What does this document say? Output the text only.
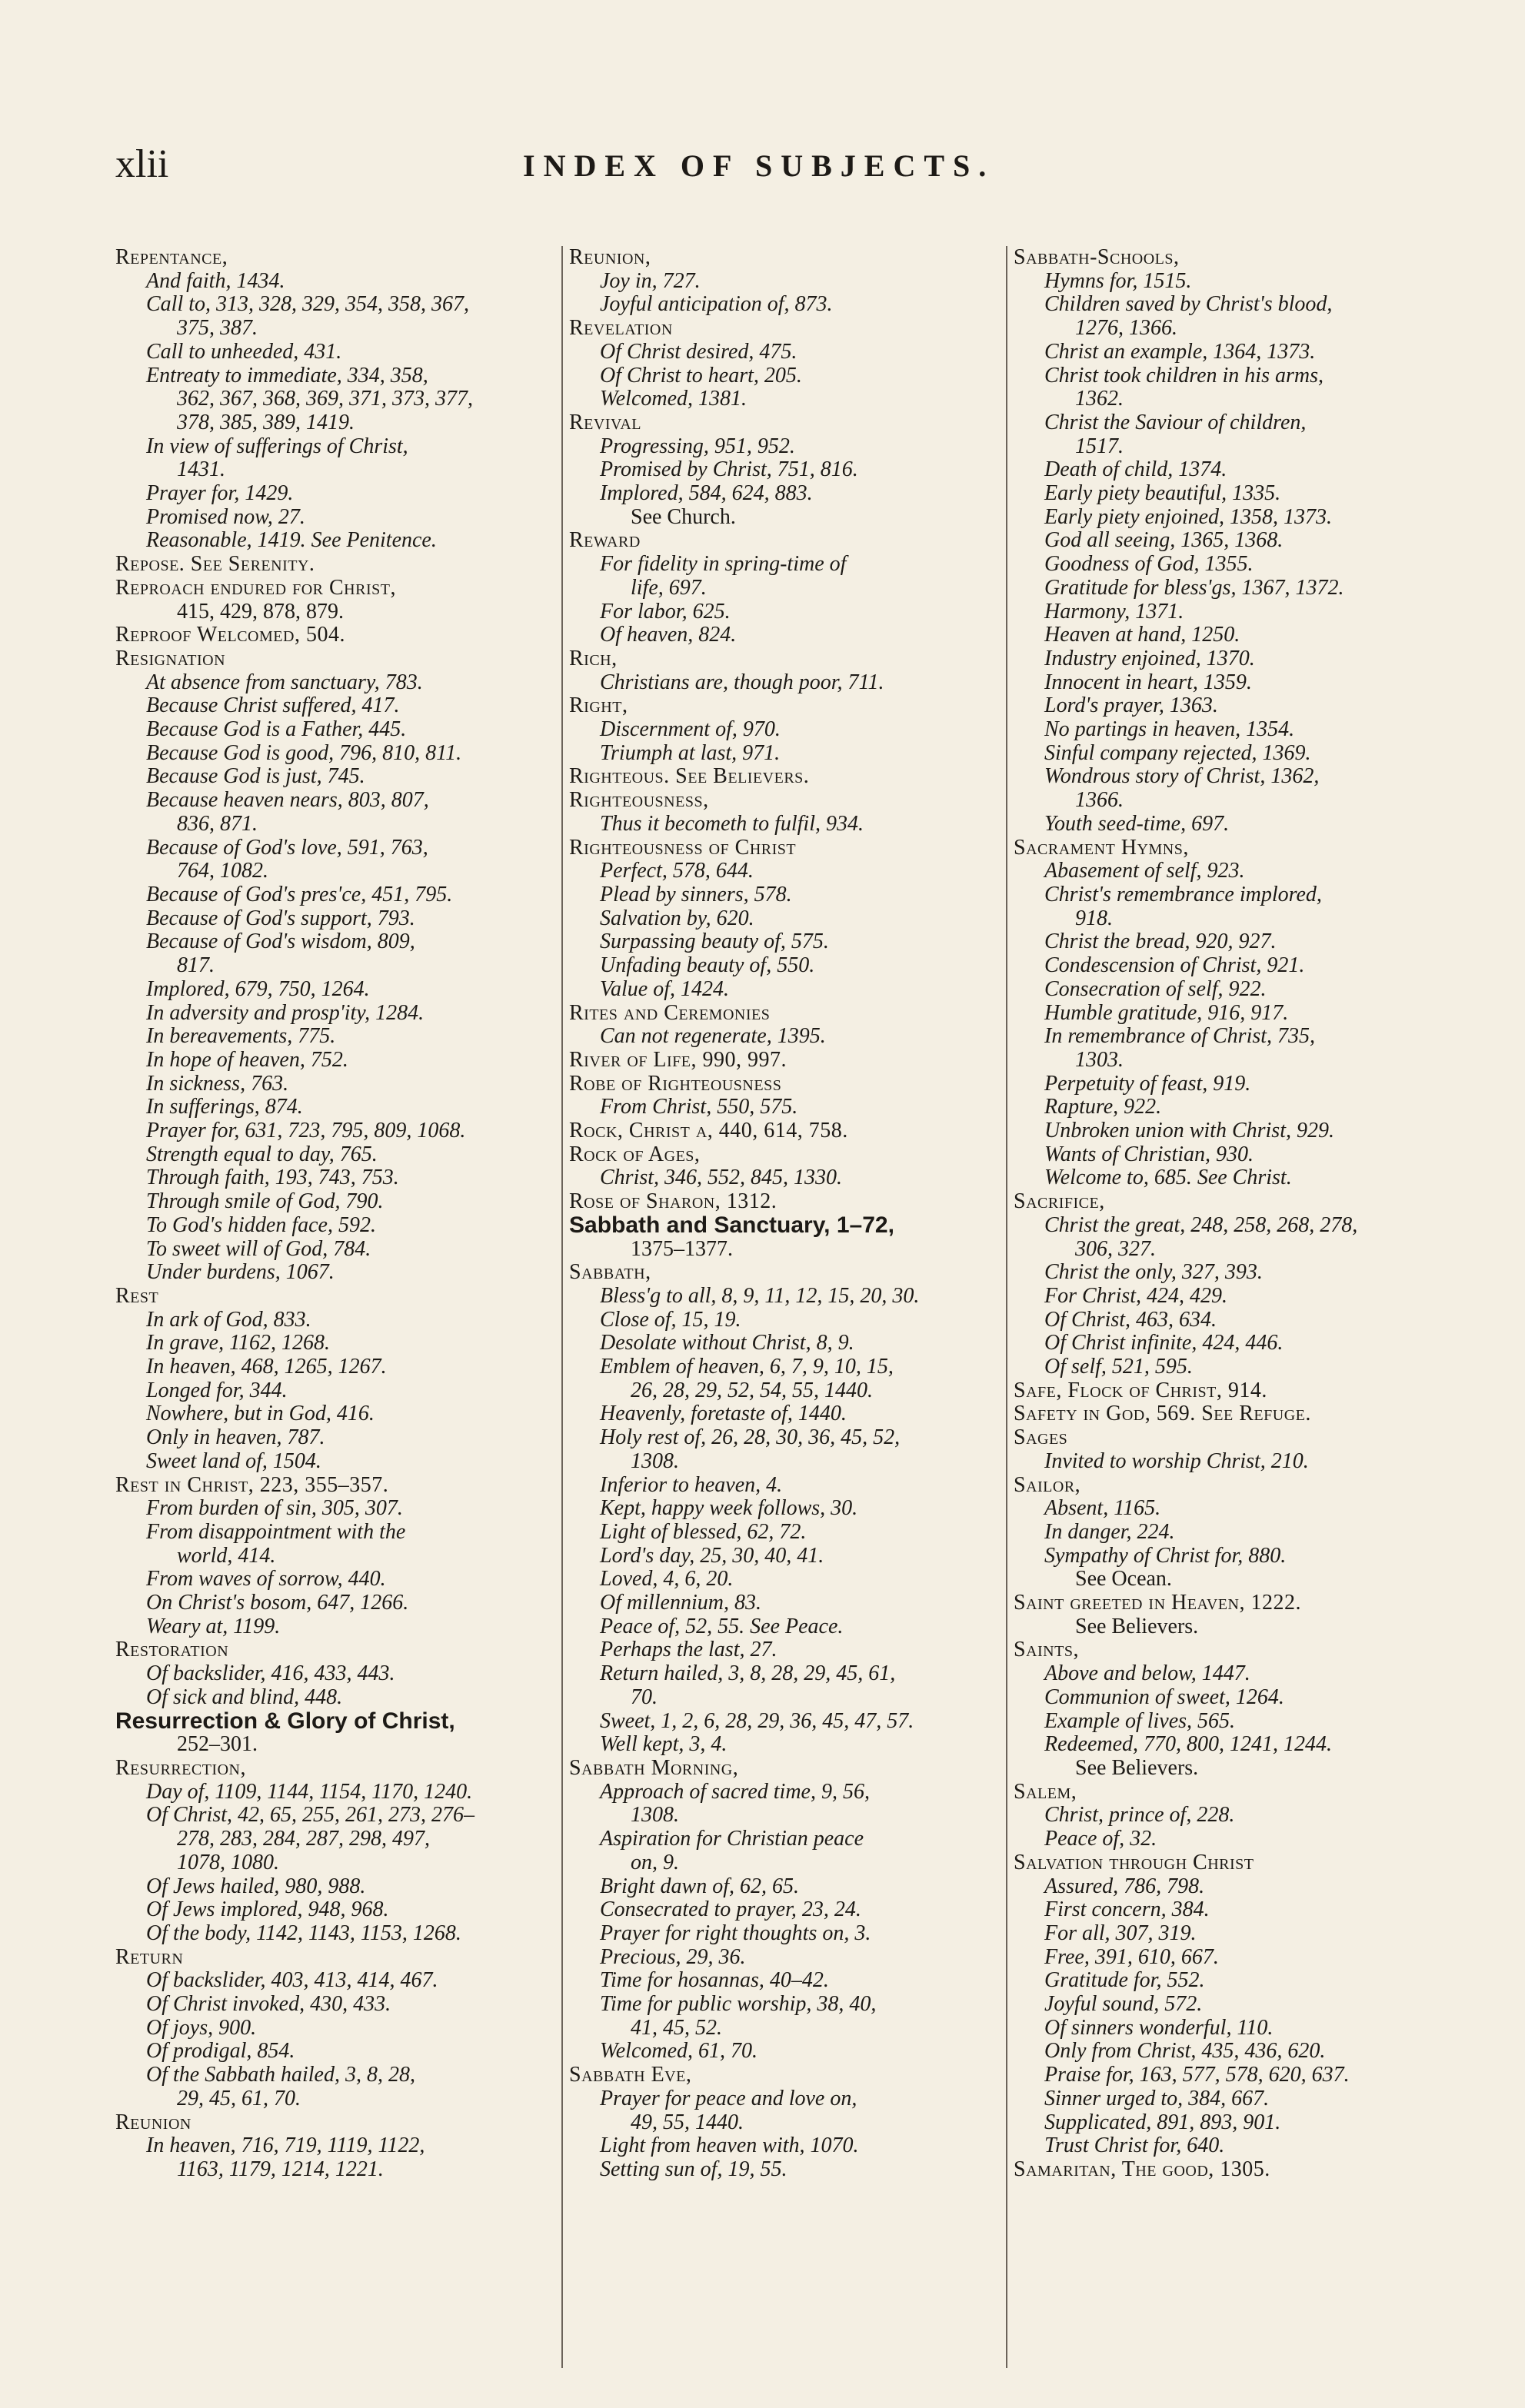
xlii	INDEX OF SUBJECTS.

Repentance,

And faith, 1434.

Call to, 313, 328, 329, 354, 358, 367,

375, 387.

Call to unheeded, 431.

Entreaty to immediate, 334, 358,

362, 367, 368, 369, 371, 373, 377,

378, 385, 389, 1419.

In view of sufferings of Christ,

1431.

Prayer for, 1429.

Promised now, 27.

Reasonable, 1419. See Penitence.

Repose. See Serenity.

Reproach endured for Christ,

415, 429, 878, 879.

Reproof Welcomed, 504.

Resignation

At absence from sanctuary, 783.

Because Christ suffered, 417.

Because God is a Father, 445.

Because God is good, 796, 810, 811.

Because God is just, 745.

Because heaven nears, 803, 807,

836, 871.

Because of God's love, 591, 763,

764, 1082.

Because of God's pres'ce, 451, 795.

Because of God's support, 793.

Because of God's wisdom, 809,

817.

Implored, 679, 750, 1264.

In adversity and prosp'ity, 1284.

In bereavements, 775.

In hope of heaven, 752.

In sickness, 763.

In sufferings, 874.

Prayer for, 631, 723, 795, 809, 1068.

Strength equal to day, 765.

Through faith, 193, 743, 753.

Through smile of God, 790.

To God's hidden face, 592.

To sweet will of God, 784.

Under burdens, 1067.

Rest

In ark of God, 833.

In grave, 1162, 1268.

In heaven, 468, 1265, 1267.

Longed for, 344.

Nowhere, but in God, 416.

Only in heaven, 787.

Sweet land of, 1504.

Rest in Christ, 223, 355–357.

From burden of sin, 305, 307.

From disappointment with the

world, 414.

From waves of sorrow, 440.

On Christ's bosom, 647, 1266.

Weary at, 1199.

Restoration

Of backslider, 416, 433, 443.

Of sick and blind, 448.

Resurrection & Glory of Christ,

252–301.

Resurrection,

Day of, 1109, 1144, 1154, 1170, 1240.

Of Christ, 42, 65, 255, 261, 273, 276–

278, 283, 284, 287, 298, 497,

1078, 1080.

Of Jews hailed, 980, 988.

Of Jews implored, 948, 968.

Of the body, 1142, 1143, 1153, 1268.

Return

Of backslider, 403, 413, 414, 467.

Of Christ invoked, 430, 433.

Of joys, 900.

Of prodigal, 854.

Of the Sabbath hailed, 3, 8, 28,

29, 45, 61, 70.

Reunion

In heaven, 716, 719, 1119, 1122,

1163, 1179, 1214, 1221.

Reunion,

Joy in, 727.

Joyful anticipation of, 873.

Revelation

Of Christ desired, 475.

Of Christ to heart, 205.

Welcomed, 1381.

Revival

Progressing, 951, 952.

Promised by Christ, 751, 816.

Implored, 584, 624, 883.

See Church.

Reward

For fidelity in spring-time of

life, 697.

For labor, 625.

Of heaven, 824.

Rich,

Christians are, though poor, 711.

Right,

Discernment of, 970.

Triumph at last, 971.

Righteous. See Believers.

Righteousness,

Thus it becometh to fulfil, 934.

Righteousness of Christ

Perfect, 578, 644.

Plead by sinners, 578.

Salvation by, 620.

Surpassing beauty of, 575.

Unfading beauty of, 550.

Value of, 1424.

Rites and Ceremonies

Can not regenerate, 1395.

River of Life, 990, 997.

Robe of Righteousness

From Christ, 550, 575.

Rock, Christ a, 440, 614, 758.

Rock of Ages,

Christ, 346, 552, 845, 1330.

Rose of Sharon, 1312.

Sabbath and Sanctuary, 1–72,

1375–1377.

Sabbath,

Bless'g to all, 8, 9, 11, 12, 15, 20, 30.

Close of, 15, 19.

Desolate without Christ, 8, 9.

Emblem of heaven, 6, 7, 9, 10, 15,

26, 28, 29, 52, 54, 55, 1440.

Heavenly, foretaste of, 1440.

Holy rest of, 26, 28, 30, 36, 45, 52,

1308.

Inferior to heaven, 4.

Kept, happy week follows, 30.

Light of blessed, 62, 72.

Lord's day, 25, 30, 40, 41.

Loved, 4, 6, 20.

Of millennium, 83.

Peace of, 52, 55. See Peace.

Perhaps the last, 27.

Return hailed, 3, 8, 28, 29, 45, 61,

70.

Sweet, 1, 2, 6, 28, 29, 36, 45, 47, 57.

Well kept, 3, 4.

Sabbath Morning,

Approach of sacred time, 9, 56,

1308.

Aspiration for Christian peace

on, 9.

Bright dawn of, 62, 65.

Consecrated to prayer, 23, 24.

Prayer for right thoughts on, 3.

Precious, 29, 36.

Time for hosannas, 40–42.

Time for public worship, 38, 40,

41, 45, 52.

Welcomed, 61, 70.

Sabbath Eve,

Prayer for peace and love on,

49, 55, 1440.

Light from heaven with, 1070.

Setting sun of, 19, 55.

Sabbath-Schools,

Hymns for, 1515.

Children saved by Christ's blood,

1276, 1366.

Christ an example, 1364, 1373.

Christ took children in his arms,

1362.

Christ the Saviour of children,

1517.

Death of child, 1374.

Early piety beautiful, 1335.

Early piety enjoined, 1358, 1373.

God all seeing, 1365, 1368.

Goodness of God, 1355.

Gratitude for bless'gs, 1367, 1372.

Harmony, 1371.

Heaven at hand, 1250.

Industry enjoined, 1370.

Innocent in heart, 1359.

Lord's prayer, 1363.

No partings in heaven, 1354.

Sinful company rejected, 1369.

Wondrous story of Christ, 1362,

1366.

Youth seed-time, 697.

Sacrament Hymns,

Abasement of self, 923.

Christ's remembrance implored,

918.

Christ the bread, 920, 927.

Condescension of Christ, 921.

Consecration of self, 922.

Humble gratitude, 916, 917.

In remembrance of Christ, 735,

1303.

Perpetuity of feast, 919.

Rapture, 922.

Unbroken union with Christ, 929.

Wants of Christian, 930.

Welcome to, 685. See Christ.

Sacrifice,

Christ the great, 248, 258, 268, 278,

306, 327.

Christ the only, 327, 393.

For Christ, 424, 429.

Of Christ, 463, 634.

Of Christ infinite, 424, 446.

Of self, 521, 595.

Safe, Flock of Christ, 914.

Safety in God, 569. See Refuge.

Sages

Invited to worship Christ, 210.

Sailor,

Absent, 1165.

In danger, 224.

Sympathy of Christ for, 880.

See Ocean.

Saint greeted in Heaven, 1222.

See Believers.

Saints,

Above and below, 1447.

Communion of sweet, 1264.

Example of lives, 565.

Redeemed, 770, 800, 1241, 1244.

See Believers.

Salem,

Christ, prince of, 228.

Peace of, 32.

Salvation through Christ

Assured, 786, 798.

First concern, 384.

For all, 307, 319.

Free, 391, 610, 667.

Gratitude for, 552.

Joyful sound, 572.

Of sinners wonderful, 110.

Only from Christ, 435, 436, 620.

Praise for, 163, 577, 578, 620, 637.

Sinner urged to, 384, 667.

Supplicated, 891, 893, 901.

Trust Christ for, 640.

Samaritan, The good, 1305.
